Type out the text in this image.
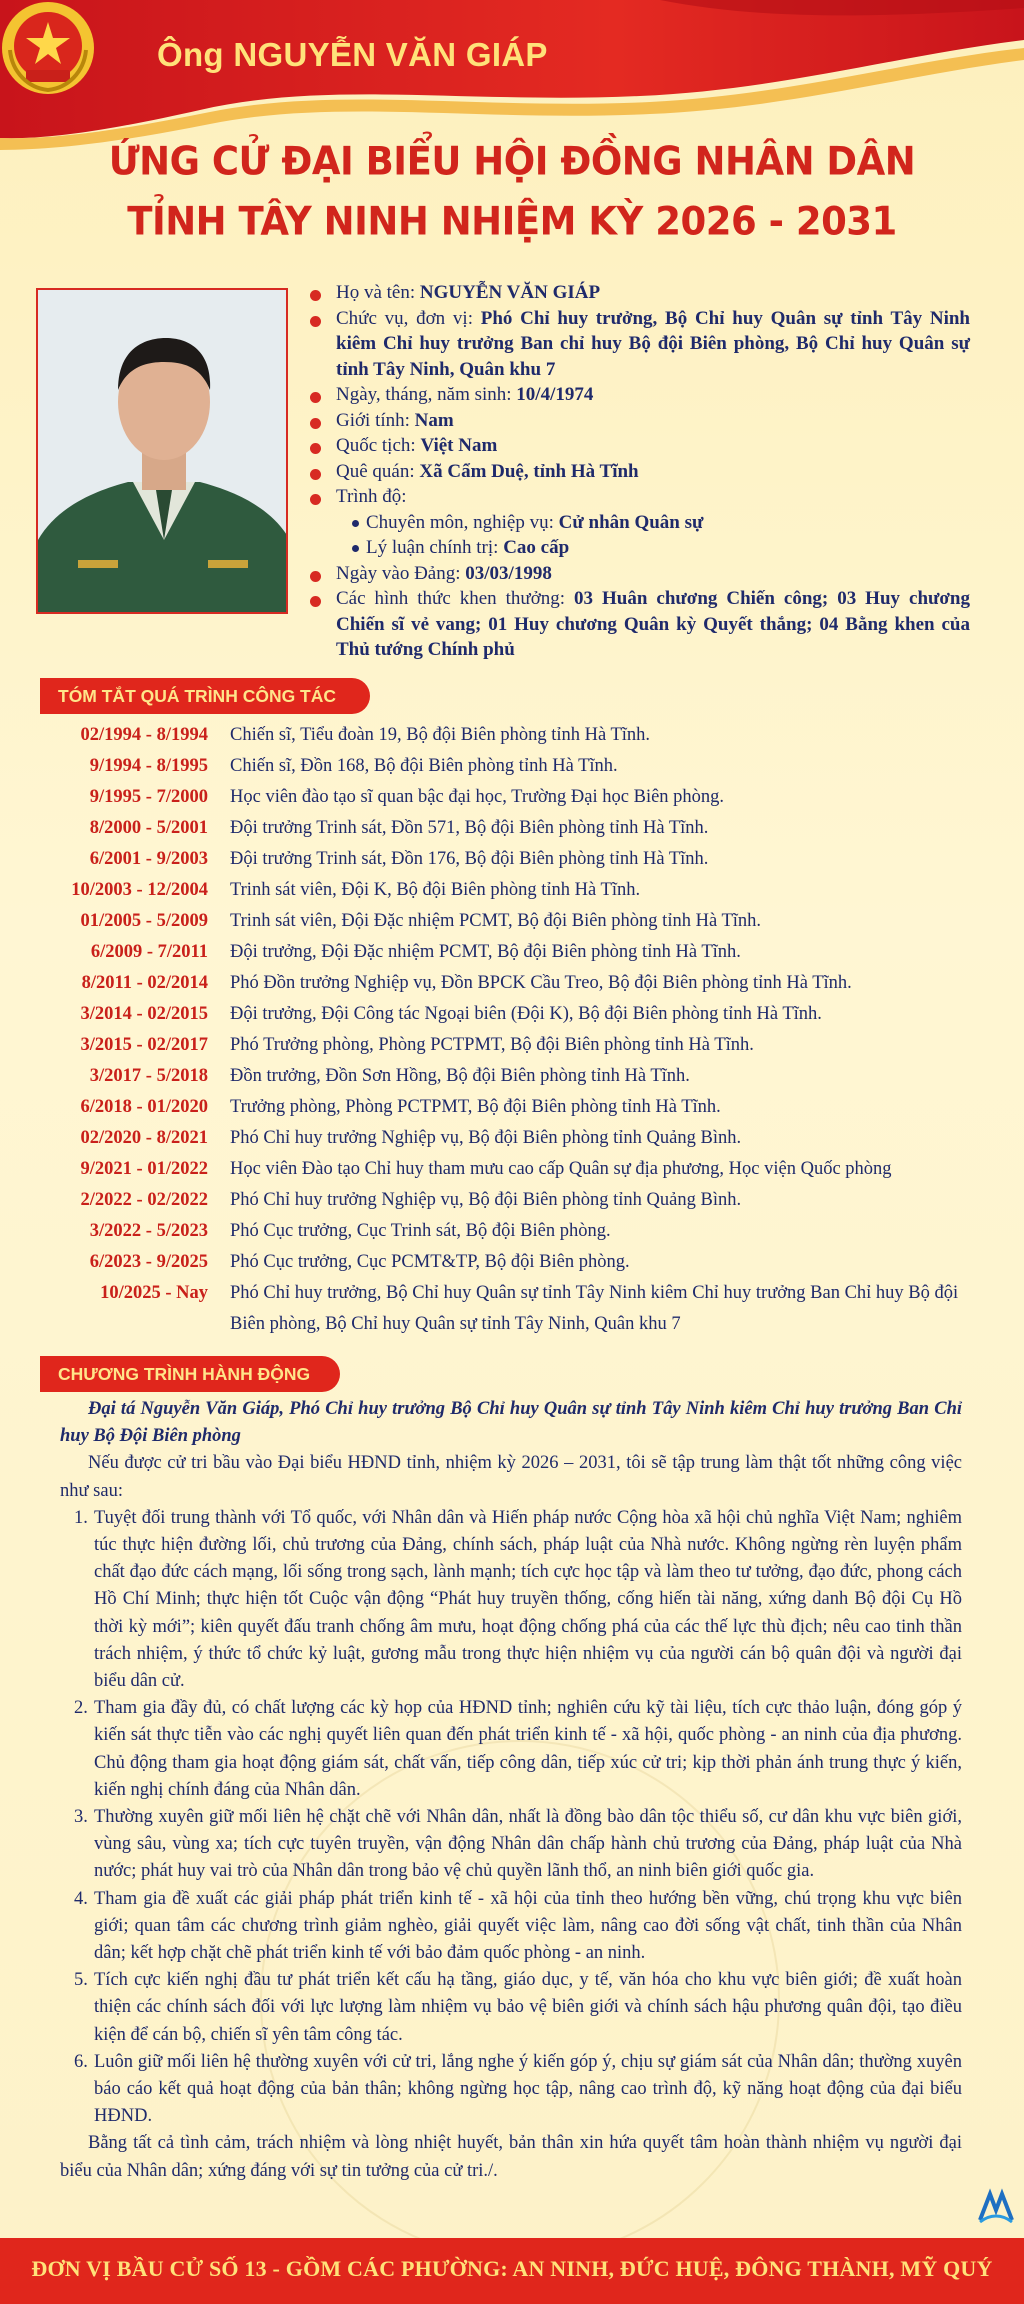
Ông NGUYỄN VĂN GIÁP
ỨNG CỬ ĐẠI BIỂU HỘI ĐỒNG NHÂN DÂN
TỈNH TÂY NINH NHIỆM KỲ 2026 - 2031
Họ và tên: NGUYỄN VĂN GIÁP
Chức vụ, đơn vị: Phó Chỉ huy trưởng, Bộ Chỉ huy Quân sự tỉnh Tây Ninh kiêm Chỉ huy trưởng Ban chỉ huy Bộ đội Biên phòng, Bộ Chỉ huy Quân sự tỉnh Tây Ninh, Quân khu 7
Ngày, tháng, năm sinh: 10/4/1974
Giới tính: Nam
Quốc tịch: Việt Nam
Quê quán: Xã Cẩm Duệ, tỉnh Hà Tĩnh
Trình độ:
Chuyên môn, nghiệp vụ: Cử nhân Quân sự
Lý luận chính trị: Cao cấp
Ngày vào Đảng: 03/03/1998
Các hình thức khen thưởng: 03 Huân chương Chiến công; 03 Huy chương Chiến sĩ vẻ vang; 01 Huy chương Quân kỳ Quyết thắng; 04 Bằng khen của Thủ tướng Chính phủ
TÓM TẮT QUÁ TRÌNH CÔNG TÁC
02/1994 - 8/1994	Chiến sĩ, Tiểu đoàn 19, Bộ đội Biên phòng tỉnh Hà Tĩnh.
9/1994 - 8/1995	Chiến sĩ, Đồn 168, Bộ đội Biên phòng tỉnh Hà Tĩnh.
9/1995 - 7/2000	Học viên đào tạo sĩ quan bậc đại học, Trường Đại học Biên phòng.
8/2000 - 5/2001	Đội trưởng Trinh sát, Đồn 571, Bộ đội Biên phòng tỉnh Hà Tĩnh.
6/2001 - 9/2003	Đội trưởng Trinh sát, Đồn 176, Bộ đội Biên phòng tỉnh Hà Tĩnh.
10/2003 - 12/2004	Trinh sát viên, Đội K, Bộ đội Biên phòng tỉnh Hà Tĩnh.
01/2005 - 5/2009	Trinh sát viên, Đội Đặc nhiệm PCMT, Bộ đội Biên phòng tỉnh Hà Tĩnh.
6/2009 - 7/2011	Đội trưởng, Đội Đặc nhiệm PCMT, Bộ đội Biên phòng tỉnh Hà Tĩnh.
8/2011 - 02/2014	Phó Đồn trưởng Nghiệp vụ, Đồn BPCK Cầu Treo, Bộ đội Biên phòng tỉnh Hà Tĩnh.
3/2014 - 02/2015	Đội trưởng, Đội Công tác Ngoại biên (Đội K), Bộ đội Biên phòng tỉnh Hà Tĩnh.
3/2015 - 02/2017	Phó Trưởng phòng, Phòng PCTPMT, Bộ đội Biên phòng tỉnh Hà Tĩnh.
3/2017 - 5/2018	Đồn trưởng, Đồn Sơn Hồng, Bộ đội Biên phòng tỉnh Hà Tĩnh.
6/2018 - 01/2020	Trưởng phòng, Phòng PCTPMT, Bộ đội Biên phòng tỉnh Hà Tĩnh.
02/2020 - 8/2021	Phó Chỉ huy trưởng Nghiệp vụ, Bộ đội Biên phòng tỉnh Quảng Bình.
9/2021 - 01/2022	Học viên Đào tạo Chỉ huy tham mưu cao cấp Quân sự địa phương, Học viện Quốc phòng
2/2022 - 02/2022	Phó Chỉ huy trưởng Nghiệp vụ, Bộ đội Biên phòng tỉnh Quảng Bình.
3/2022 - 5/2023	Phó Cục trưởng, Cục Trinh sát, Bộ đội Biên phòng.
6/2023 - 9/2025	Phó Cục trưởng, Cục PCMT&TP, Bộ đội Biên phòng.
10/2025 - Nay	Phó Chỉ huy trưởng, Bộ Chỉ huy Quân sự tỉnh Tây Ninh kiêm Chỉ huy trưởng Ban Chỉ huy Bộ đội Biên phòng, Bộ Chỉ huy Quân sự tỉnh Tây Ninh, Quân khu 7
CHƯƠNG TRÌNH HÀNH ĐỘNG
Đại tá Nguyễn Văn Giáp, Phó Chỉ huy trưởng Bộ Chỉ huy Quân sự tỉnh Tây Ninh kiêm Chỉ huy trưởng Ban Chỉ huy Bộ Đội Biên phòng
Nếu được cử tri bầu vào Đại biểu HĐND tỉnh, nhiệm kỳ 2026 – 2031, tôi sẽ tập trung làm thật tốt những công việc như sau:
1. Tuyệt đối trung thành với Tổ quốc, với Nhân dân và Hiến pháp nước Cộng hòa xã hội chủ nghĩa Việt Nam; nghiêm túc thực hiện đường lối, chủ trương của Đảng, chính sách, pháp luật của Nhà nước. Không ngừng rèn luyện phẩm chất đạo đức cách mạng, lối sống trong sạch, lành mạnh; tích cực học tập và làm theo tư tưởng, đạo đức, phong cách Hồ Chí Minh; thực hiện tốt Cuộc vận động “Phát huy truyền thống, cống hiến tài năng, xứng danh Bộ đội Cụ Hồ thời kỳ mới”; kiên quyết đấu tranh chống âm mưu, hoạt động chống phá của các thế lực thù địch; nêu cao tinh thần trách nhiệm, ý thức tổ chức kỷ luật, gương mẫu trong thực hiện nhiệm vụ của người cán bộ quân đội và người đại biểu dân cử.
2. Tham gia đầy đủ, có chất lượng các kỳ họp của HĐND tỉnh; nghiên cứu kỹ tài liệu, tích cực thảo luận, đóng góp ý kiến sát thực tiễn vào các nghị quyết liên quan đến phát triển kinh tế - xã hội, quốc phòng - an ninh của địa phương. Chủ động tham gia hoạt động giám sát, chất vấn, tiếp công dân, tiếp xúc cử tri; kịp thời phản ánh trung thực ý kiến, kiến nghị chính đáng của Nhân dân.
3. Thường xuyên giữ mối liên hệ chặt chẽ với Nhân dân, nhất là đồng bào dân tộc thiểu số, cư dân khu vực biên giới, vùng sâu, vùng xa; tích cực tuyên truyền, vận động Nhân dân chấp hành chủ trương của Đảng, pháp luật của Nhà nước; phát huy vai trò của Nhân dân trong bảo vệ chủ quyền lãnh thổ, an ninh biên giới quốc gia.
4. Tham gia đề xuất các giải pháp phát triển kinh tế - xã hội của tỉnh theo hướng bền vững, chú trọng khu vực biên giới; quan tâm các chương trình giảm nghèo, giải quyết việc làm, nâng cao đời sống vật chất, tinh thần của Nhân dân; kết hợp chặt chẽ phát triển kinh tế với bảo đảm quốc phòng - an ninh.
5. Tích cực kiến nghị đầu tư phát triển kết cấu hạ tầng, giáo dục, y tế, văn hóa cho khu vực biên giới; đề xuất hoàn thiện các chính sách đối với lực lượng làm nhiệm vụ bảo vệ biên giới và chính sách hậu phương quân đội, tạo điều kiện để cán bộ, chiến sĩ yên tâm công tác.
6. Luôn giữ mối liên hệ thường xuyên với cử tri, lắng nghe ý kiến góp ý, chịu sự giám sát của Nhân dân; thường xuyên báo cáo kết quả hoạt động của bản thân; không ngừng học tập, nâng cao trình độ, kỹ năng hoạt động của đại biểu HĐND.
Bằng tất cả tình cảm, trách nhiệm và lòng nhiệt huyết, bản thân xin hứa quyết tâm hoàn thành nhiệm vụ người đại biểu của Nhân dân; xứng đáng với sự tin tưởng của cử tri./.
ĐƠN VỊ BẦU CỬ SỐ 13 - GỒM CÁC PHƯỜNG: AN NINH, ĐỨC HUỆ, ĐÔNG THÀNH, MỸ QUÝ
